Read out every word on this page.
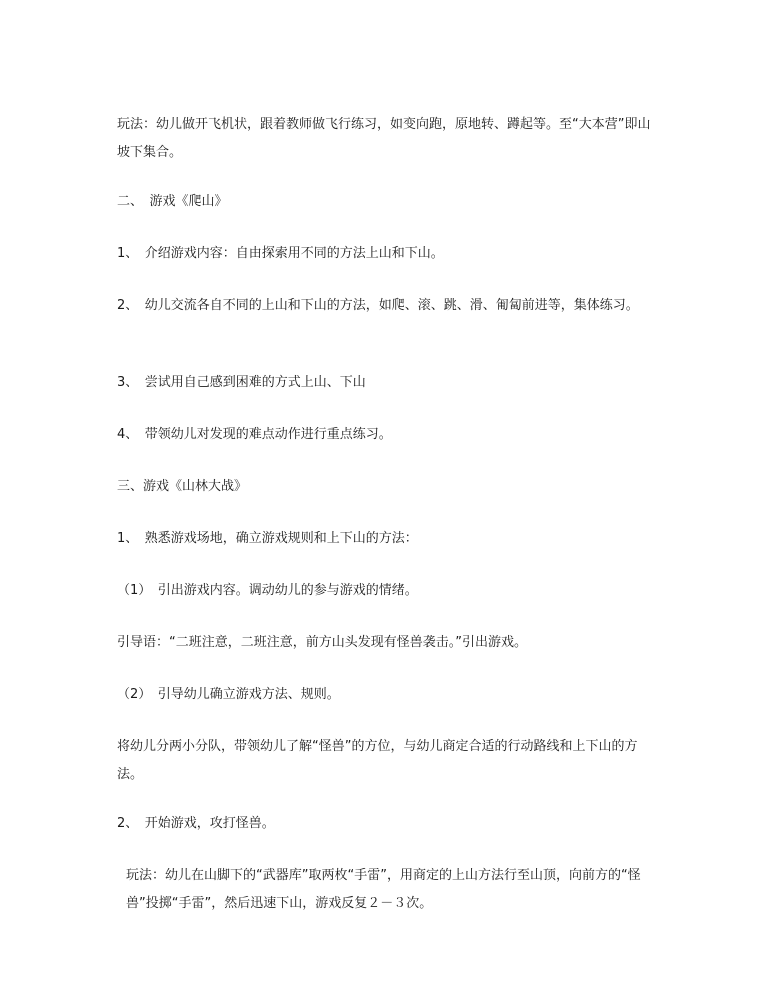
玩法：幼儿做开飞机状，跟着教师做飞行练习，如变向跑，原地转、蹲起等。至“大本营”即山坡下集合。

二、　游戏《爬山》

1、　介绍游戏内容：自由探索用不同的方法上山和下山。

2、　幼儿交流各自不同的上山和下山的方法，如爬、滚、跳、滑、匍匐前进等，集体练习。

3、　尝试用自己感到困难的方式上山、下山

4、　带领幼儿对发现的难点动作进行重点练习。

三、游戏《山林大战》

1、　熟悉游戏场地，确立游戏规则和上下山的方法：

（1）　引出游戏内容。调动幼儿的参与游戏的情绪。

引导语：“二班注意，二班注意，前方山头发现有怪兽袭击。”引出游戏。

（2）　引导幼儿确立游戏方法、规则。

将幼儿分两小分队，带领幼儿了解“怪兽”的方位，与幼儿商定合适的行动路线和上下山的方法。

2、　开始游戏，攻打怪兽。

玩法：幼儿在山脚下的“武器库”取两枚“手雷”，用商定的上山方法行至山顶，向前方的“怪兽”投掷“手雷”，然后迅速下山，游戏反复２－３次。
